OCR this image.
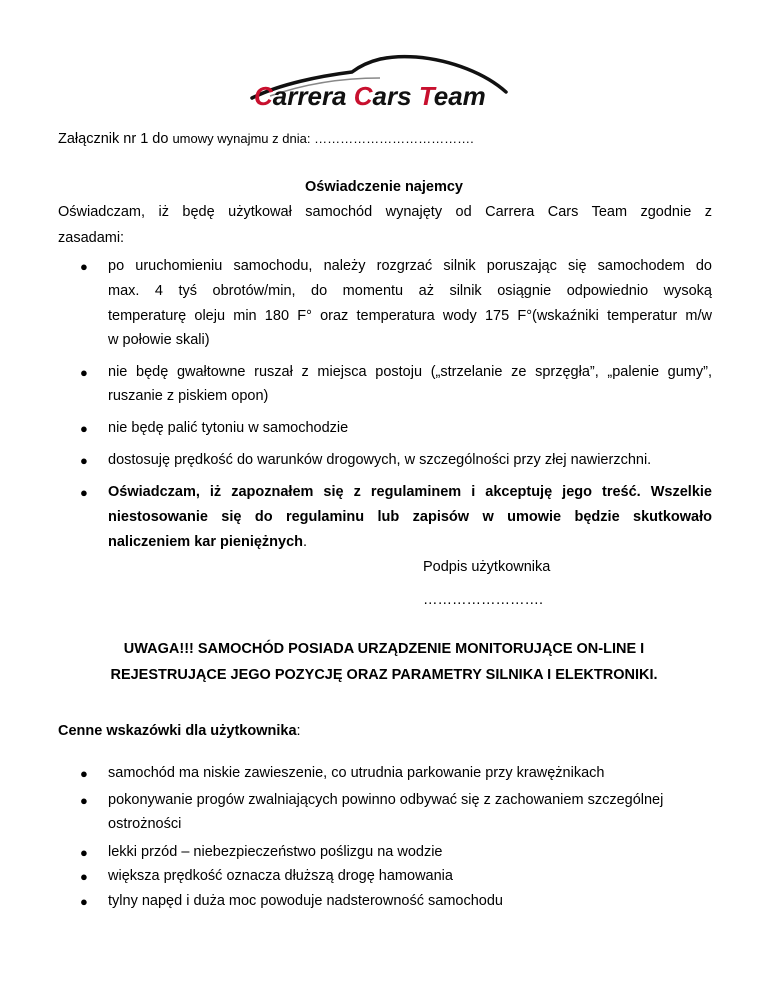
Carrera Cars Team
Załącznik nr 1 do umowy wynajmu z dnia: ……………………………….
Oświadczenie najemcy
Oświadczam, iż będę użytkował samochód wynajęty od Carrera Cars Team zgodnie z
zasadami:
● po uruchomieniu samochodu, należy rozgrzać silnik poruszając się samochodem do
max. 4 tyś obrotów/min, do momentu aż silnik osiągnie odpowiednio wysoką
temperaturę oleju min 180 F° oraz temperatura wody 175 F°(wskaźniki temperatur m/w
w połowie skali)
● nie będę gwałtowne ruszał z miejsca postoju („strzelanie ze sprzęgła”, „palenie gumy”,
ruszanie z piskiem opon)
● nie będę palić tytoniu w samochodzie
● dostosuję prędkość do warunków drogowych, w szczególności przy złej nawierzchni.
● Oświadczam, iż zapoznałem się z regulaminem i akceptuję jego treść. Wszelkie
niestosowanie się do regulaminu lub zapisów w umowie będzie skutkowało
naliczeniem kar pieniężnych.
Podpis użytkownika
…………………….
UWAGA!!! SAMOCHÓD POSIADA URZĄDZENIE MONITORUJĄCE ON-LINE I
REJESTRUJĄCE JEGO POZYCJĘ ORAZ PARAMETRY SILNIKA I ELEKTRONIKI.
Cenne wskazówki dla użytkownika:
● samochód ma niskie zawieszenie, co utrudnia parkowanie przy krawężnikach
● pokonywanie progów zwalniających powinno odbywać się z zachowaniem szczególnej
ostrożności
● lekki przód – niebezpieczeństwo poślizgu na wodzie
● większa prędkość oznacza dłuższą drogę hamowania
● tylny napęd i duża moc powoduje nadsterowność samochodu
